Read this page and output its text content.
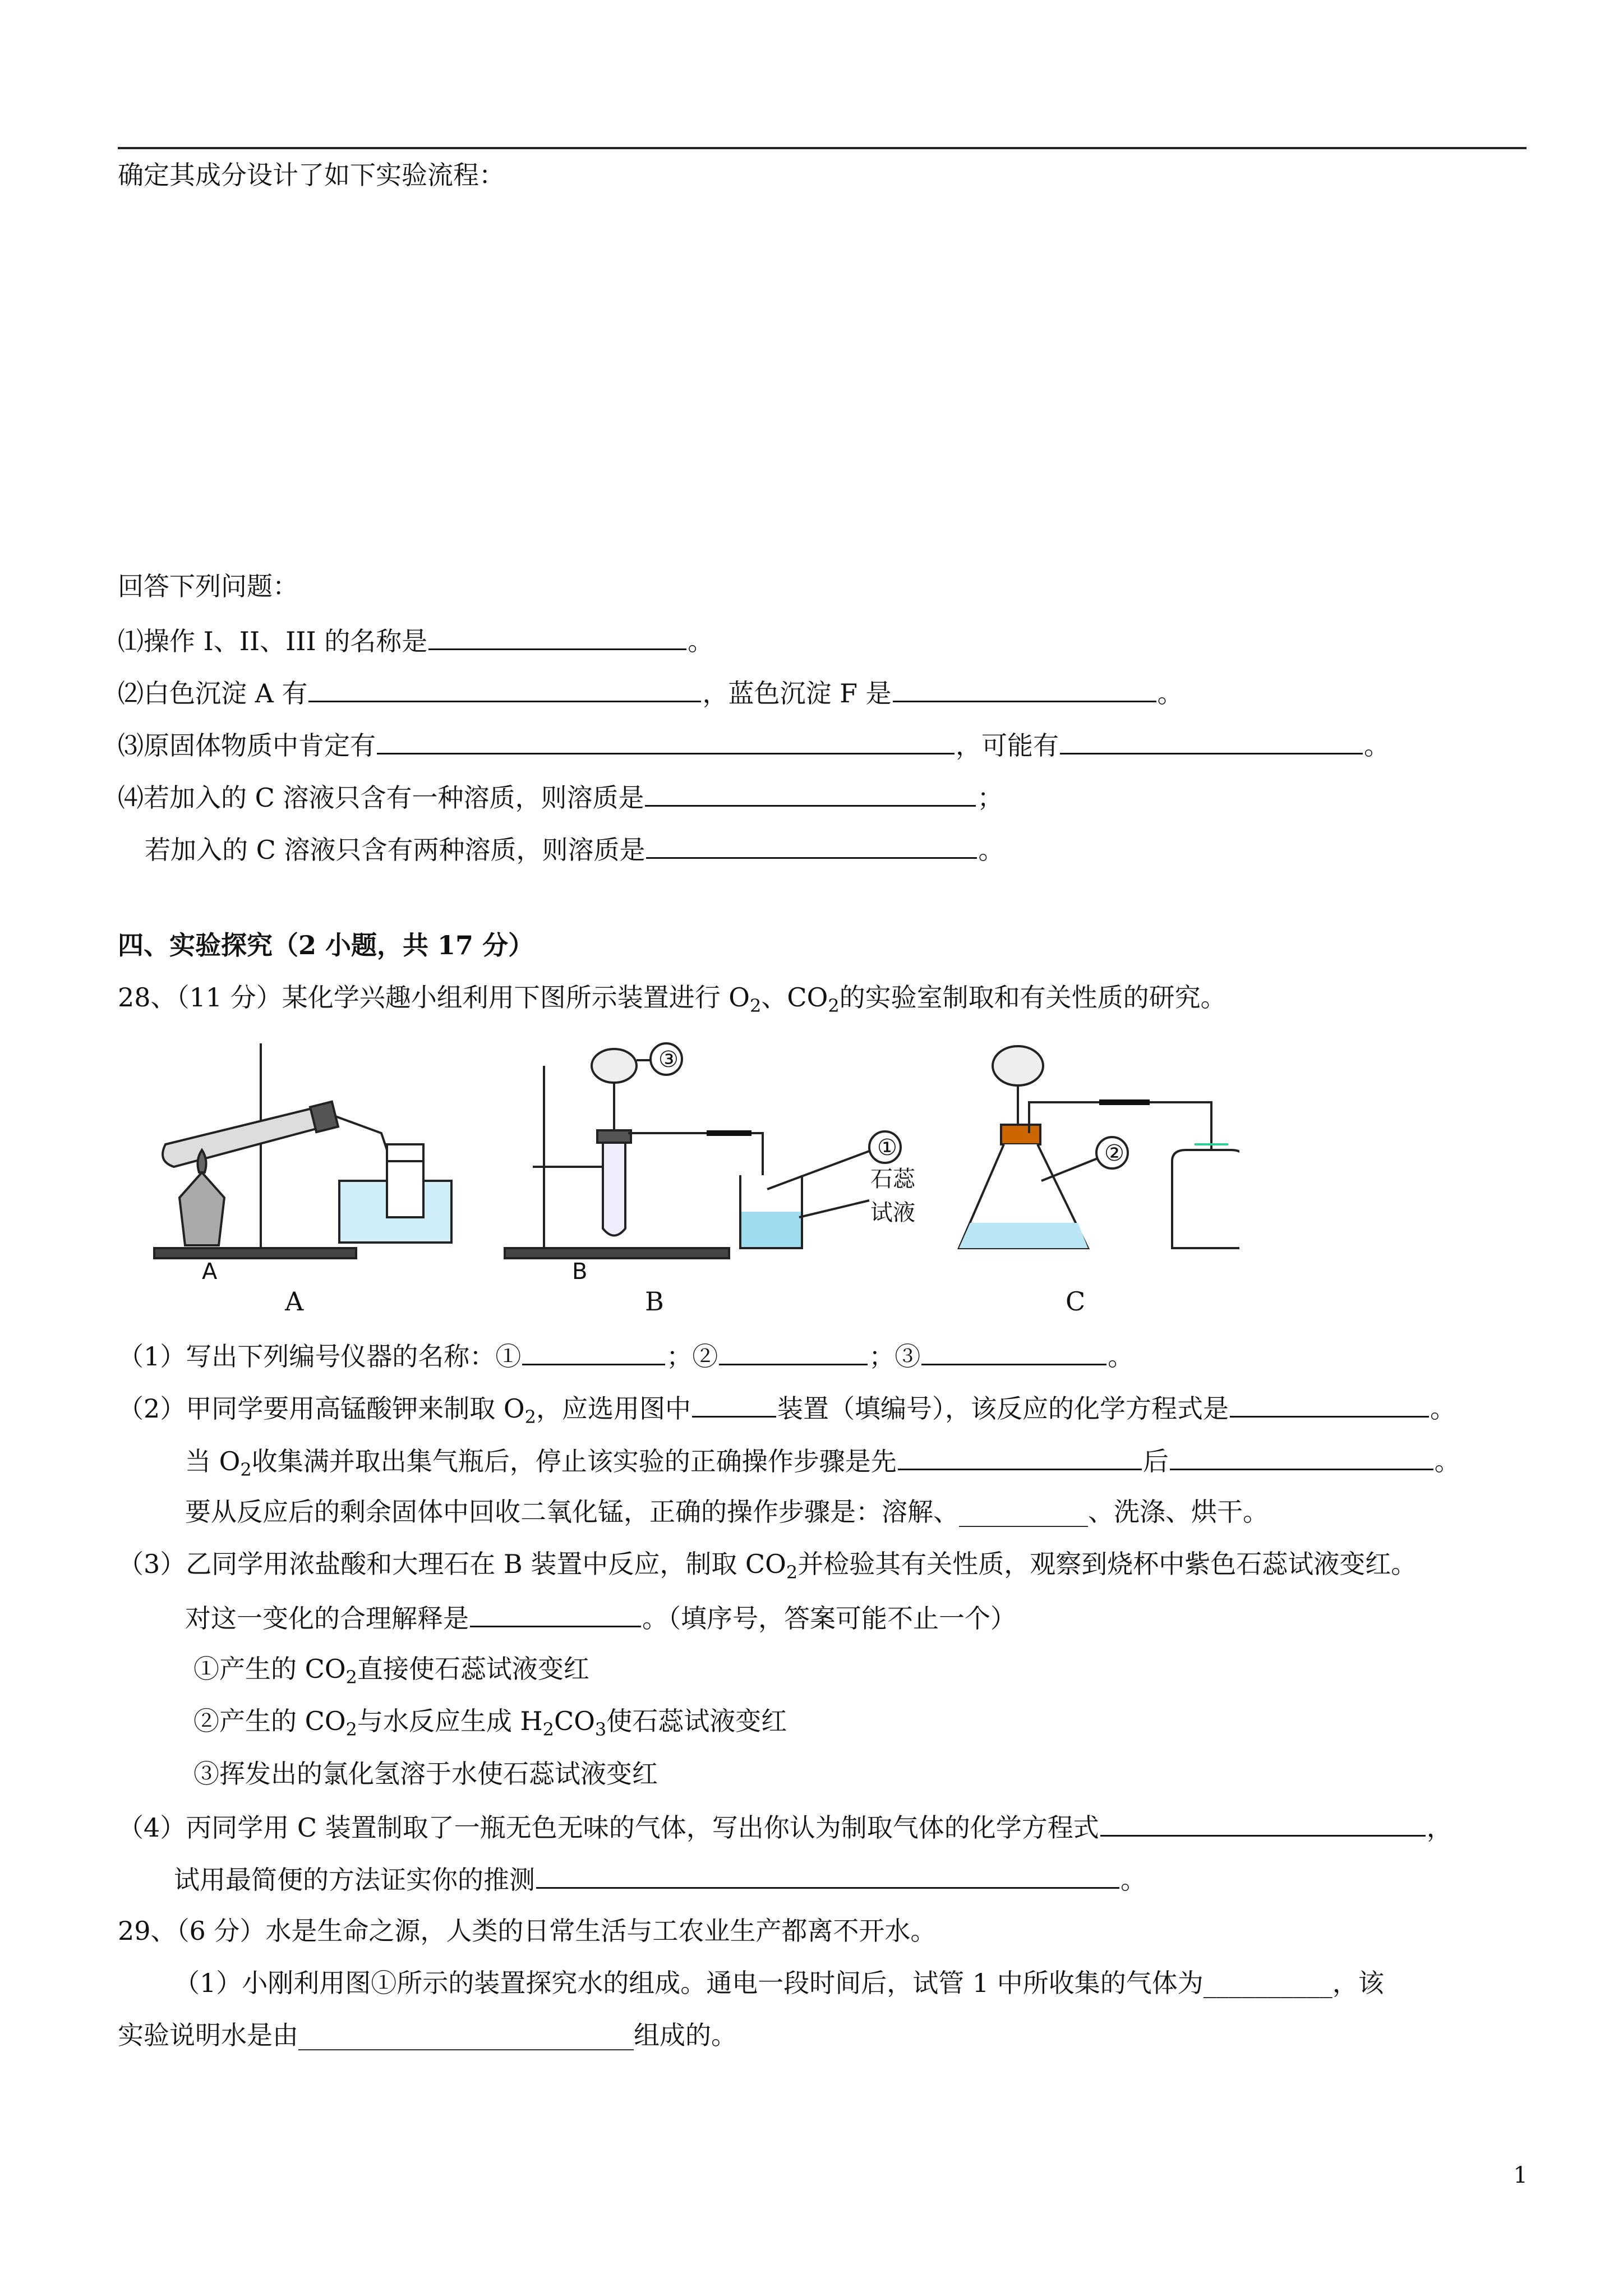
确定其成分设计了如下实验流程：
回答下列问题：
⑴操作 I、II、III 的名称是	。
⑵白色沉淀 A 有	，蓝色沉淀 F 是	。
⑶原固体物质中肯定有	，可能有	。
⑷若加入的 C 溶液只含有一种溶质，则溶质是	；
若加入的 C 溶液只含有两种溶质，则溶质是	。
四、实验探究（2 小题，共 17 分）
28、（11 分）某化学兴趣小组利用下图所示装置进行 $O_2$、$CO_2$的实验室制取和有关性质的研究。
A
③
①
石蕊
试液
B
②
A	B	C
（1）写出下列编号仪器的名称：①	；②	；③	。
（2）甲同学要用高锰酸钾来制取 $O_2$，应选用图中	装置（填编号），该反应的化学方程式是	。
当 $O_2$收集满并取出集气瓶后，停止该实验的正确操作步骤是先	后	。
要从反应后的剩余固体中回收二氧化锰，正确的操作步骤是：溶解、__________、洗涤、烘干。
（3）乙同学用浓盐酸和大理石在 B 装置中反应，制取 $CO_2$并检验其有关性质，观察到烧杯中紫色石蕊试液变红。
对这一变化的合理解释是	。（填序号，答案可能不止一个）
①产生的 $CO_2$直接使石蕊试液变红
②产生的 $CO_2$与水反应生成 $H_2CO_3$使石蕊试液变红
③挥发出的氯化氢溶于水使石蕊试液变红
（4）丙同学用 C 装置制取了一瓶无色无味的气体，写出你认为制取气体的化学方程式	，
试用最简便的方法证实你的推测	。
29、（6 分）水是生命之源，人类的日常生活与工农业生产都离不开水。
（1）小刚利用图①所示的装置探究水的组成。通电一段时间后，试管 1 中所收集的气体为__________，该
实验说明水是由__________________________组成的。
1
